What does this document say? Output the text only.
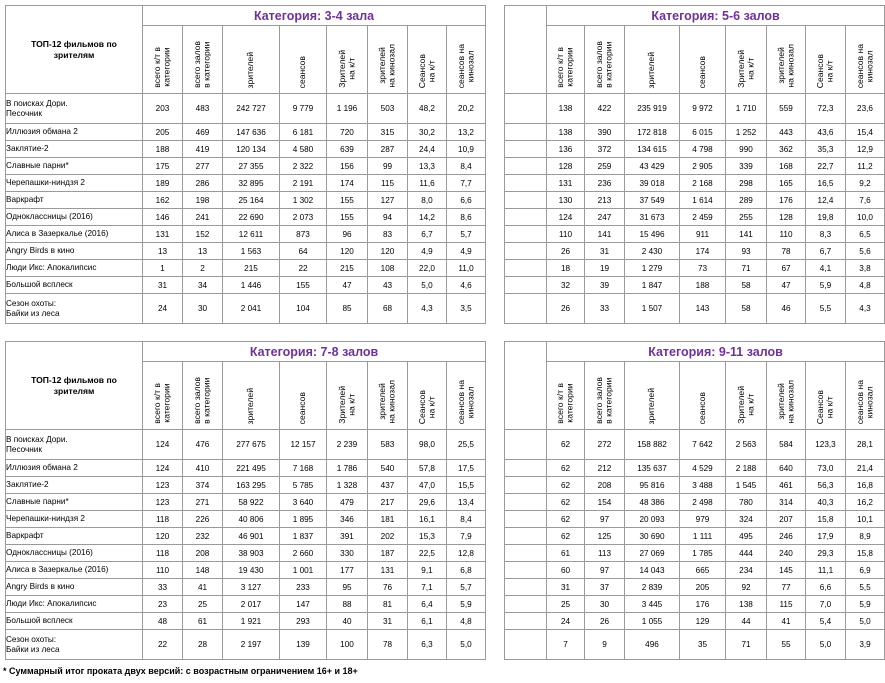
ТОП-12 фильмов по
зрителям	Категория: 3-4 зала							
	всего к/т в
категории	всего залов
в категории	зрителей	сеансов	Зрителей
на к/т	зрителей
на кинозал	Сеансов
на к/т	сеансов на
кинозал
В поисках Дори.
Песочник	203	483	242 727	9 779	1 196	503	48,2	20,2
Иллюзия обмана 2	205	469	147 636	6 181	720	315	30,2	13,2
Заклятие-2	188	419	120 134	4 580	639	287	24,4	10,9
Славные парни*	175	277	27 355	2 322	156	99	13,3	8,4
Черепашки-ниндзя 2	189	286	32 895	2 191	174	115	11,6	7,7
Варкрафт	162	198	25 164	1 302	155	127	8,0	6,6
Одноклассницы (2016)	146	241	22 690	2 073	155	94	14,2	8,6
Алиса в Зазеркалье (2016)	131	152	12 611	873	96	83	6,7	5,7
Angry Birds в кино	13	13	1 563	64	120	120	4,9	4,9
Люди Икс: Апокалипсис	1	2	215	22	215	108	22,0	11,0
Большой всплеск	31	34	1 446	155	47	43	5,0	4,6
Сезон охоты:
Байки из леса	24	30	2 041	104	85	68	4,3	3,5
	Категория: 5-6 залов							
	всего к/т в
категории	всего залов
в категории	зрителей	сеансов	Зрителей
на к/т	зрителей
на кинозал	Сеансов
на к/т	сеансов на
кинозал
	138	422	235 919	9 972	1 710	559	72,3	23,6
	138	390	172 818	6 015	1 252	443	43,6	15,4
	136	372	134 615	4 798	990	362	35,3	12,9
	128	259	43 429	2 905	339	168	22,7	11,2
	131	236	39 018	2 168	298	165	16,5	9,2
	130	213	37 549	1 614	289	176	12,4	7,6
	124	247	31 673	2 459	255	128	19,8	10,0
	110	141	15 496	911	141	110	8,3	6,5
	26	31	2 430	174	93	78	6,7	5,6
	18	19	1 279	73	71	67	4,1	3,8
	32	39	1 847	188	58	47	5,9	4,8
	26	33	1 507	143	58	46	5,5	4,3
ТОП-12 фильмов по
зрителям	Категория: 7-8 залов							
	всего к/т в
категории	всего залов
в категории	зрителей	сеансов	Зрителей
на к/т	зрителей
на кинозал	Сеансов
на к/т	сеансов на
кинозал
В поисках Дори.
Песочник	124	476	277 675	12 157	2 239	583	98,0	25,5
Иллюзия обмана 2	124	410	221 495	7 168	1 786	540	57,8	17,5
Заклятие-2	123	374	163 295	5 785	1 328	437	47,0	15,5
Славные парни*	123	271	58 922	3 640	479	217	29,6	13,4
Черепашки-ниндзя 2	118	226	40 806	1 895	346	181	16,1	8,4
Варкрафт	120	232	46 901	1 837	391	202	15,3	7,9
Одноклассницы (2016)	118	208	38 903	2 660	330	187	22,5	12,8
Алиса в Зазеркалье (2016)	110	148	19 430	1 001	177	131	9,1	6,8
Angry Birds в кино	33	41	3 127	233	95	76	7,1	5,7
Люди Икс: Апокалипсис	23	25	2 017	147	88	81	6,4	5,9
Большой всплеск	48	61	1 921	293	40	31	6,1	4,8
Сезон охоты:
Байки из леса	22	28	2 197	139	100	78	6,3	5,0
	Категория: 9-11 залов							
	всего к/т в
категории	всего залов
в категории	зрителей	сеансов	Зрителей
на к/т	зрителей
на кинозал	Сеансов
на к/т	сеансов на
кинозал
	62	272	158 882	7 642	2 563	584	123,3	28,1
	62	212	135 637	4 529	2 188	640	73,0	21,4
	62	208	95 816	3 488	1 545	461	56,3	16,8
	62	154	48 386	2 498	780	314	40,3	16,2
	62	97	20 093	979	324	207	15,8	10,1
	62	125	30 690	1 111	495	246	17,9	8,9
	61	113	27 069	1 785	444	240	29,3	15,8
	60	97	14 043	665	234	145	11,1	6,9
	31	37	2 839	205	92	77	6,6	5,5
	25	30	3 445	176	138	115	7,0	5,9
	24	26	1 055	129	44	41	5,4	5,0
	7	9	496	35	71	55	5,0	3,9
* Суммарный итог проката двух версий: с возрастным ограничением 16+ и 18+
